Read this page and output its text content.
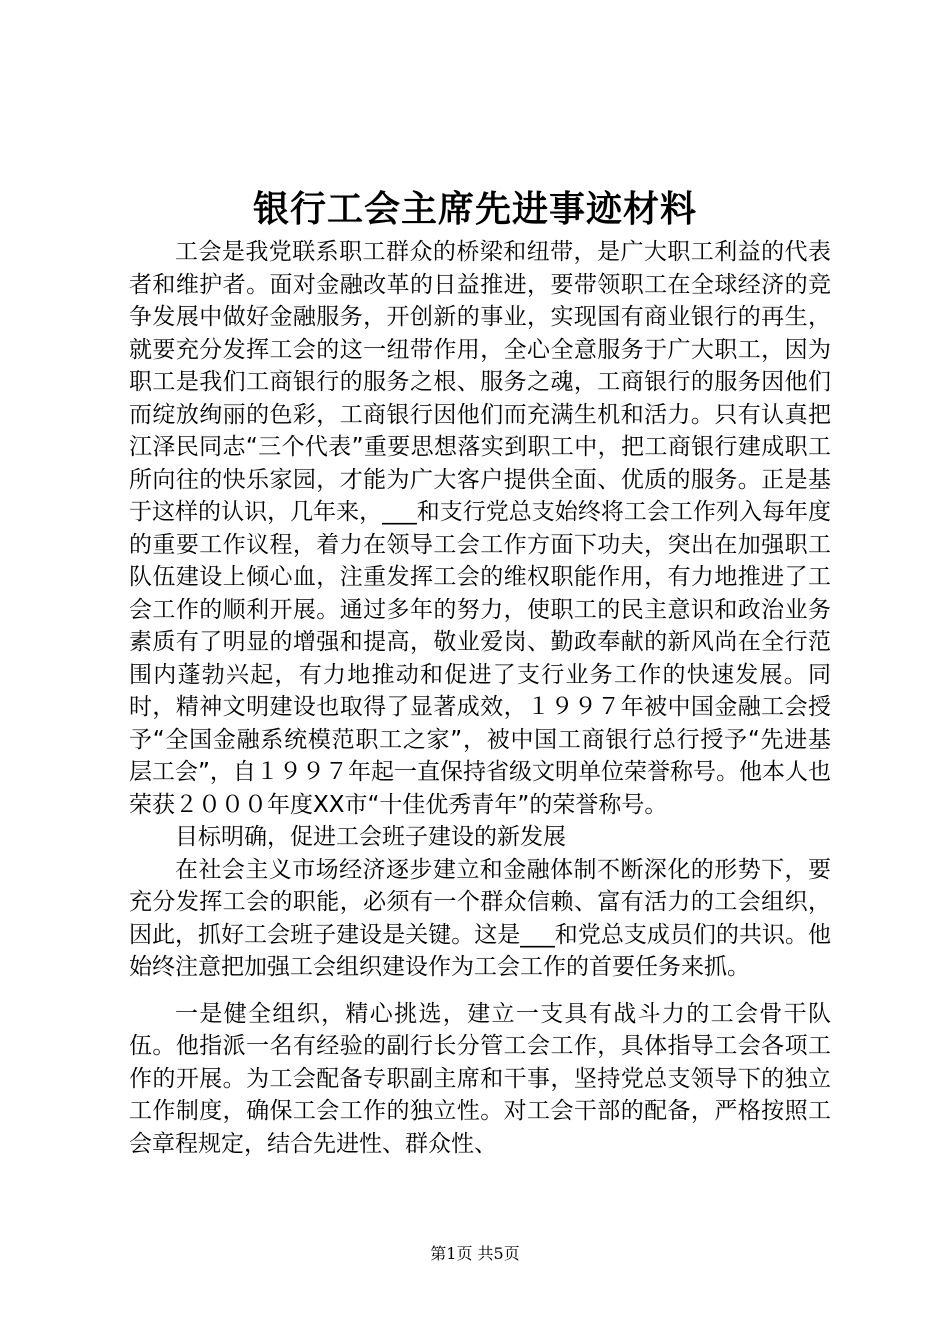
银行工会主席先进事迹材料

工会是我党联系职工群众的桥梁和纽带，是广大职工利益的代表者和维护者。面对金融改革的日益推进，要带领职工在全球经济的竞争发展中做好金融服务，开创新的事业，实现国有商业银行的再生，就要充分发挥工会的这一纽带作用，全心全意服务于广大职工，因为职工是我们工商银行的服务之根、服务之魂，工商银行的服务因他们而绽放绚丽的色彩，工商银行因他们而充满生机和活力。只有认真把江泽民同志“三个代表”重要思想落实到职工中，把工商银行建成职工所向往的快乐家园，才能为广大客户提供全面、优质的服务。正是基于这样的认识，几年来，___和支行党总支始终将工会工作列入每年度的重要工作议程，着力在领导工会工作方面下功夫，突出在加强职工队伍建设上倾心血，注重发挥工会的维权职能作用，有力地推进了工会工作的顺利开展。通过多年的努力，使职工的民主意识和政治业务素质有了明显的增强和提高，敬业爱岗、勤政奉献的新风尚在全行范围内蓬勃兴起，有力地推动和促进了支行业务工作的快速发展。同时，精神文明建设也取得了显著成效，１９９７年被中国金融工会授予“全国金融系统模范职工之家”，被中国工商银行总行授予“先进基层工会”，自１９９７年起一直保持省级文明单位荣誉称号。他本人也荣获２０００年度XX市“十佳优秀青年”的荣誉称号。

目标明确，促进工会班子建设的新发展

在社会主义市场经济逐步建立和金融体制不断深化的形势下，要充分发挥工会的职能，必须有一个群众信赖、富有活力的工会组织，因此，抓好工会班子建设是关键。这是___和党总支成员们的共识。他始终注意把加强工会组织建设作为工会工作的首要任务来抓。

一是健全组织，精心挑选，建立一支具有战斗力的工会骨干队伍。他指派一名有经验的副行长分管工会工作，具体指导工会各项工作的开展。为工会配备专职副主席和干事，坚持党总支领导下的独立工作制度，确保工会工作的独立性。对工会干部的配备，严格按照工会章程规定，结合先进性、群众性、

第1页 共5页
